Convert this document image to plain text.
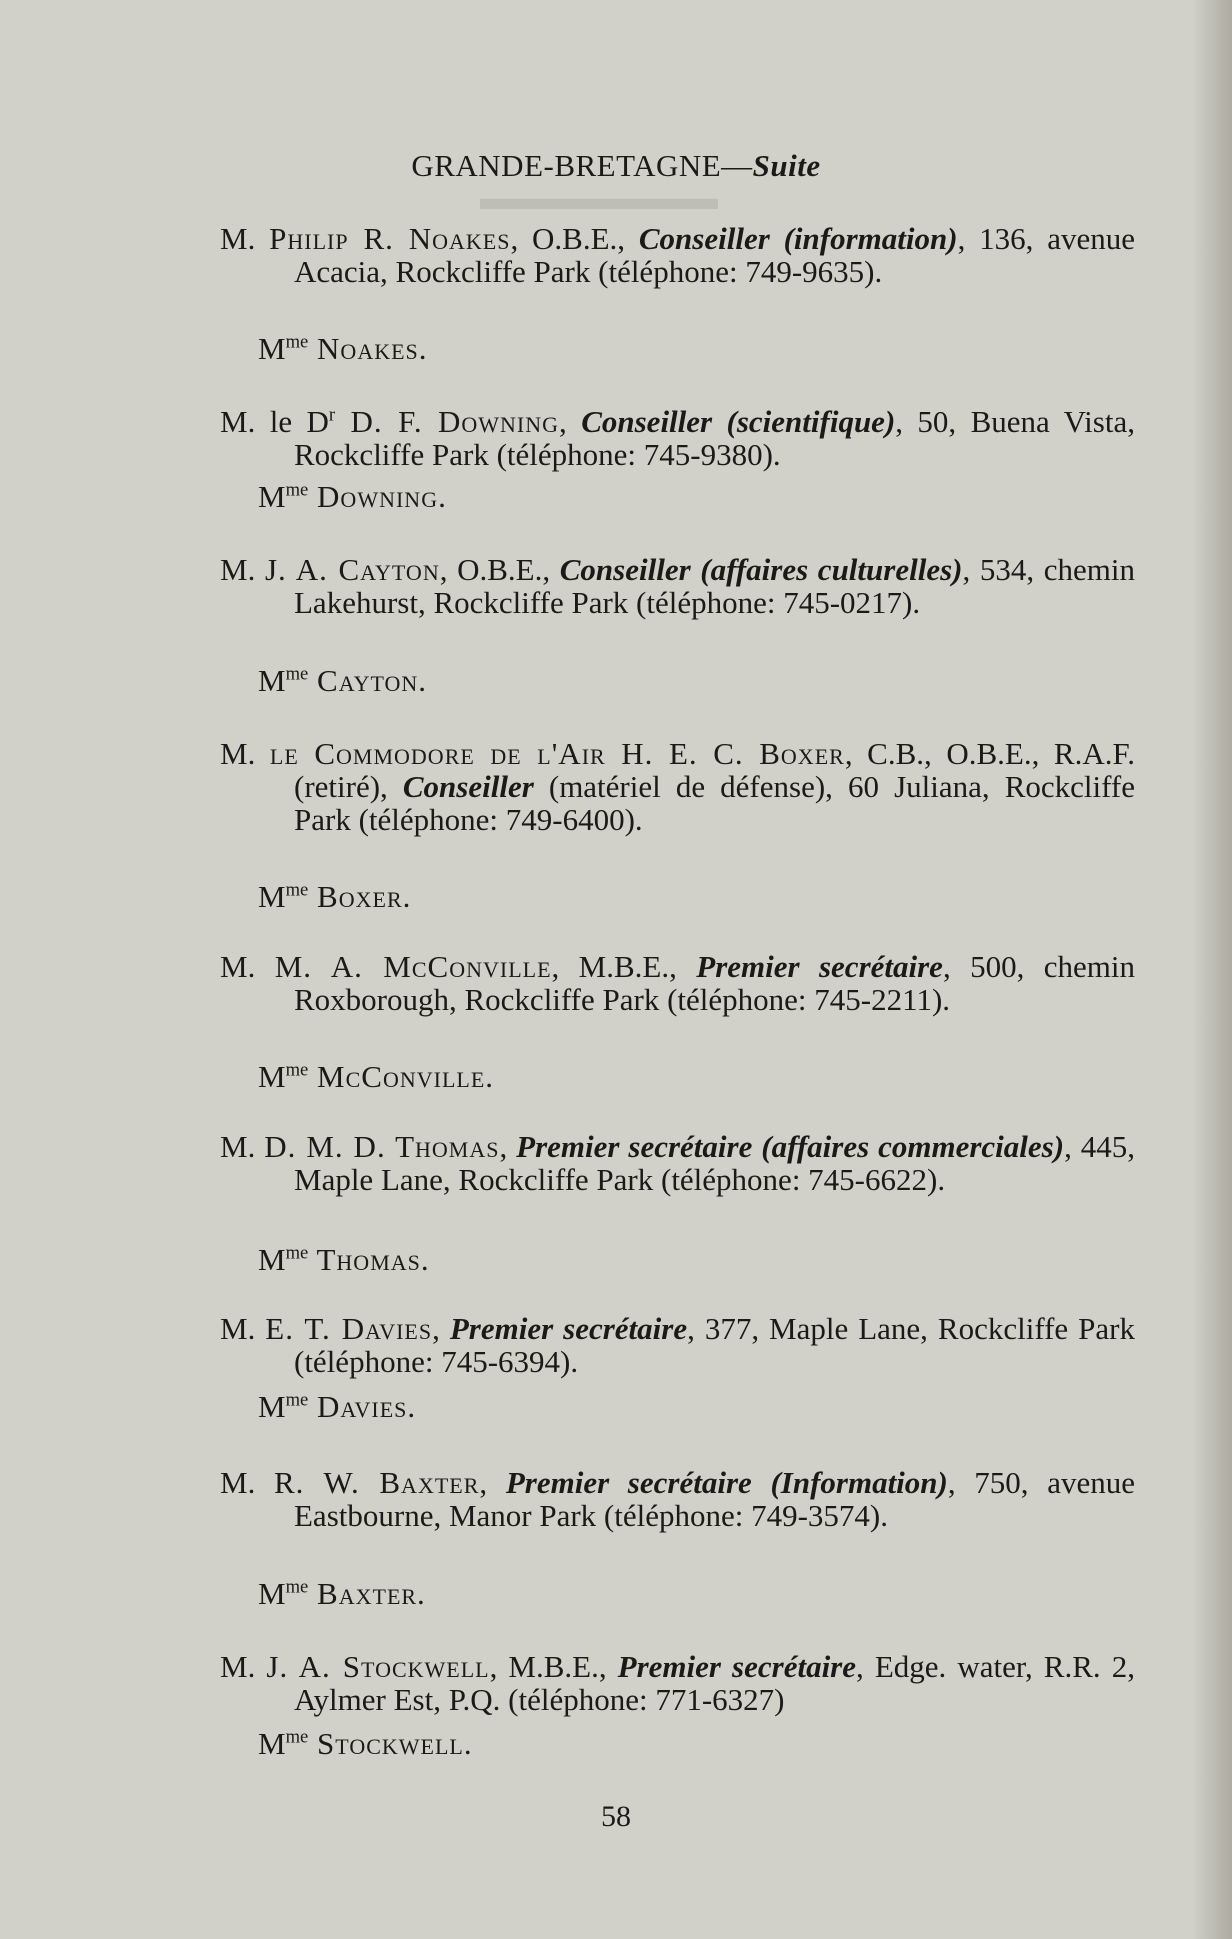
GRANDE-BRETAGNE—Suite
M. Philip R. Noakes, O.B.E., Conseiller (information), 136, avenue Acacia, Rockcliffe Park (téléphone: 749-9635).
$M^{me}$ Noakes.
M. le $D^r$ D. F. Downing, Conseiller (scientifique), 50, Buena Vista, Rockcliffe Park (téléphone: 745-9380).
$M^{me}$ Downing.
M. J. A. Cayton, O.B.E., Conseiller (affaires culturelles), 534, chemin Lakehurst, Rockcliffe Park (téléphone: 745-0217).
$M^{me}$ Cayton.
M. le Commodore de l'Air H. E. C. Boxer, C.B., O.B.E., R.A.F. (retiré), Conseiller (matériel de défense), 60 Juliana, Rockcliffe Park (téléphone: 749-6400).
$M^{me}$ Boxer.
M. M. A. McConville, M.B.E., Premier secrétaire, 500, chemin Roxborough, Rockcliffe Park (téléphone: 745-2211).
$M^{me}$ McConville.
M. D. M. D. Thomas, Premier secrétaire (affaires commerciales), 445, Maple Lane, Rockcliffe Park (téléphone: 745-6622).
$M^{me}$ Thomas.
M. E. T. Davies, Premier secrétaire, 377, Maple Lane, Rockcliffe Park (téléphone: 745-6394).
$M^{me}$ Davies.
M. R. W. Baxter, Premier secrétaire (Information), 750, avenue Eastbourne, Manor Park (téléphone: 749-3574).
$M^{me}$ Baxter.
M. J. A. Stockwell, M.B.E., Premier secrétaire, Edge. water, R.R. 2, Aylmer Est, P.Q. (téléphone: 771-6327)
$M^{me}$ Stockwell.
58
